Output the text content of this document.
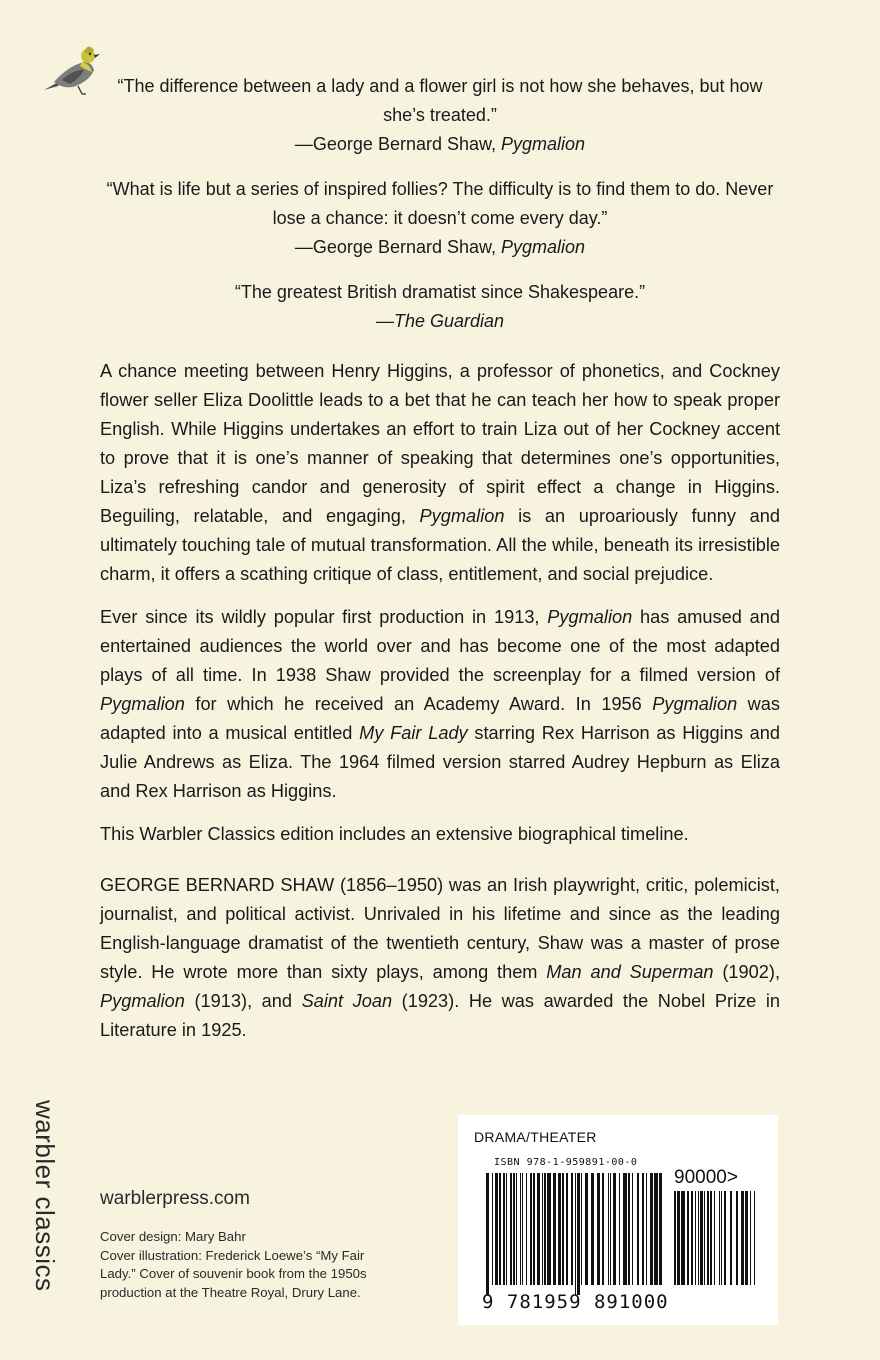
“The difference between a lady and a flower girl is not how she behaves, but how she’s treated.”
—George Bernard Shaw, Pygmalion
“What is life but a series of inspired follies? The difficulty is to find them to do. Never lose a chance: it doesn’t come every day.”
—George Bernard Shaw, Pygmalion
“The greatest British dramatist since Shakespeare.”
—The Guardian

A chance meeting between Henry Higgins, a professor of phonetics, and Cockney flower seller Eliza Doolittle leads to a bet that he can teach her how to speak proper English. While Higgins undertakes an effort to train Liza out of her Cockney accent to prove that it is one’s manner of speaking that determines one’s opportunities, Liza’s refreshing candor and generosity of spirit effect a change in Higgins. Beguiling, relatable, and engaging, Pygmalion is an uproariously funny and ultimately touching tale of mutual transformation. All the while, beneath its irresistible charm, it offers a scathing critique of class, entitlement, and social prejudice.

Ever since its wildly popular first production in 1913, Pygmalion has amused and entertained audiences the world over and has become one of the most adapted plays of all time. In 1938 Shaw provided the screenplay for a filmed version of Pygmalion for which he received an Academy Award. In 1956 Pygmalion was adapted into a musical entitled My Fair Lady starring Rex Harrison as Higgins and Julie Andrews as Eliza. The 1964 filmed version starred Audrey Hepburn as Eliza and Rex Harrison as Higgins.

This Warbler Classics edition includes an extensive biographical timeline.

GEORGE BERNARD SHAW (1856–1950) was an Irish playwright, critic, polemicist, journalist, and political activist. Unrivaled in his lifetime and since as the leading English-language dramatist of the twentieth century, Shaw was a master of prose style. He wrote more than sixty plays, among them Man and Superman (1902), Pygmalion (1913), and Saint Joan (1923). He was awarded the Nobel Prize in Literature in 1925.

warbler classics warblerpress.com
Cover design: Mary Bahr
Cover illustration: Frederick Loewe’s “My Fair Lady.” Cover of souvenir book from the 1950s production at the Theatre Royal, Drury Lane.
DRAMA/THEATER
ISBN 978-1-959891-00-0
90000>
9 781959 891000
